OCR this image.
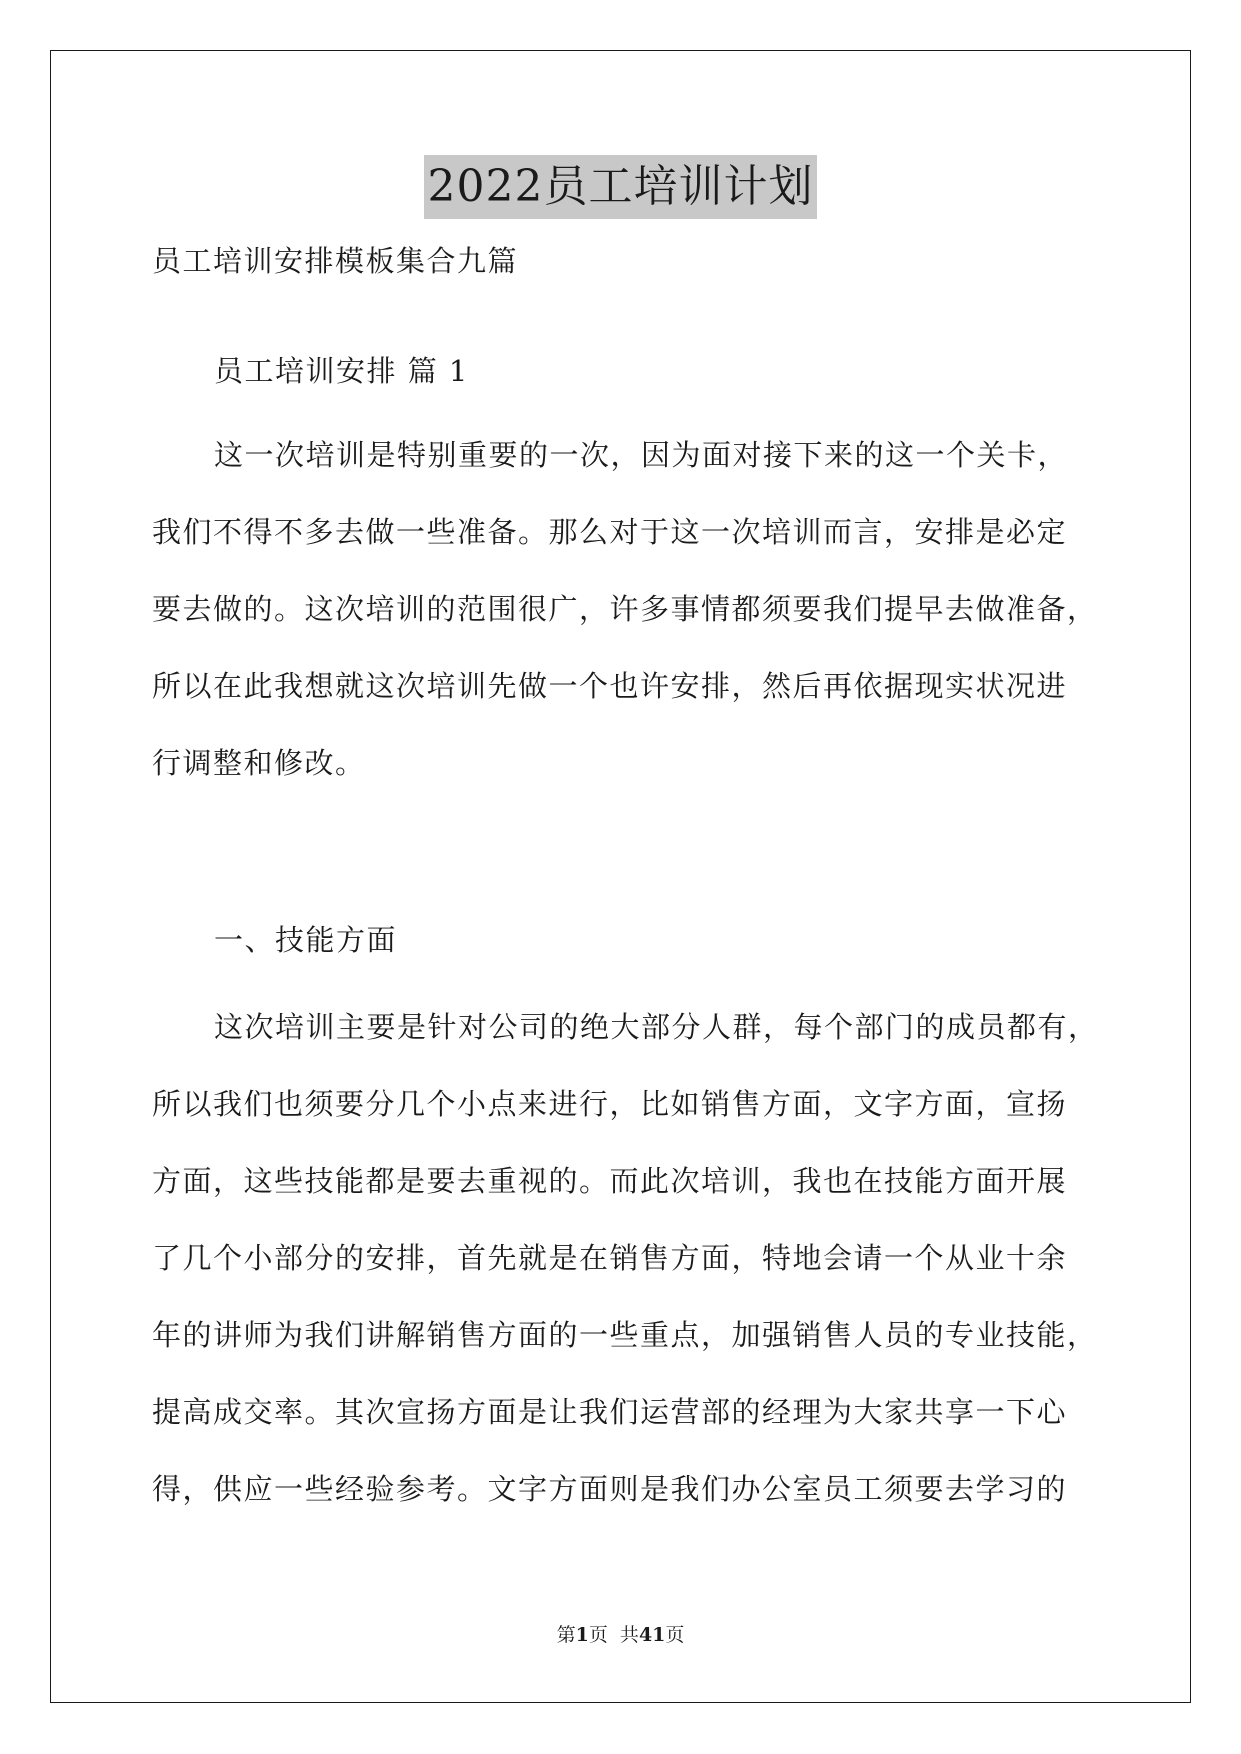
2022员工培训计划
员工培训安排模板集合九篇
员工培训安排 篇 1
这一次培训是特别重要的一次，因为面对接下来的这一个关卡，
我们不得不多去做一些准备。那么对于这一次培训而言，安排是必定
要去做的。这次培训的范围很广，许多事情都须要我们提早去做准备，
所以在此我想就这次培训先做一个也许安排，然后再依据现实状况进
行调整和修改。
一、技能方面
这次培训主要是针对公司的绝大部分人群，每个部门的成员都有，
所以我们也须要分几个小点来进行，比如销售方面，文字方面，宣扬
方面，这些技能都是要去重视的。而此次培训，我也在技能方面开展
了几个小部分的安排，首先就是在销售方面，特地会请一个从业十余
年的讲师为我们讲解销售方面的一些重点，加强销售人员的专业技能，
提高成交率。其次宣扬方面是让我们运营部的经理为大家共享一下心
得，供应一些经验参考。文字方面则是我们办公室员工须要去学习的
第1页  共41页
